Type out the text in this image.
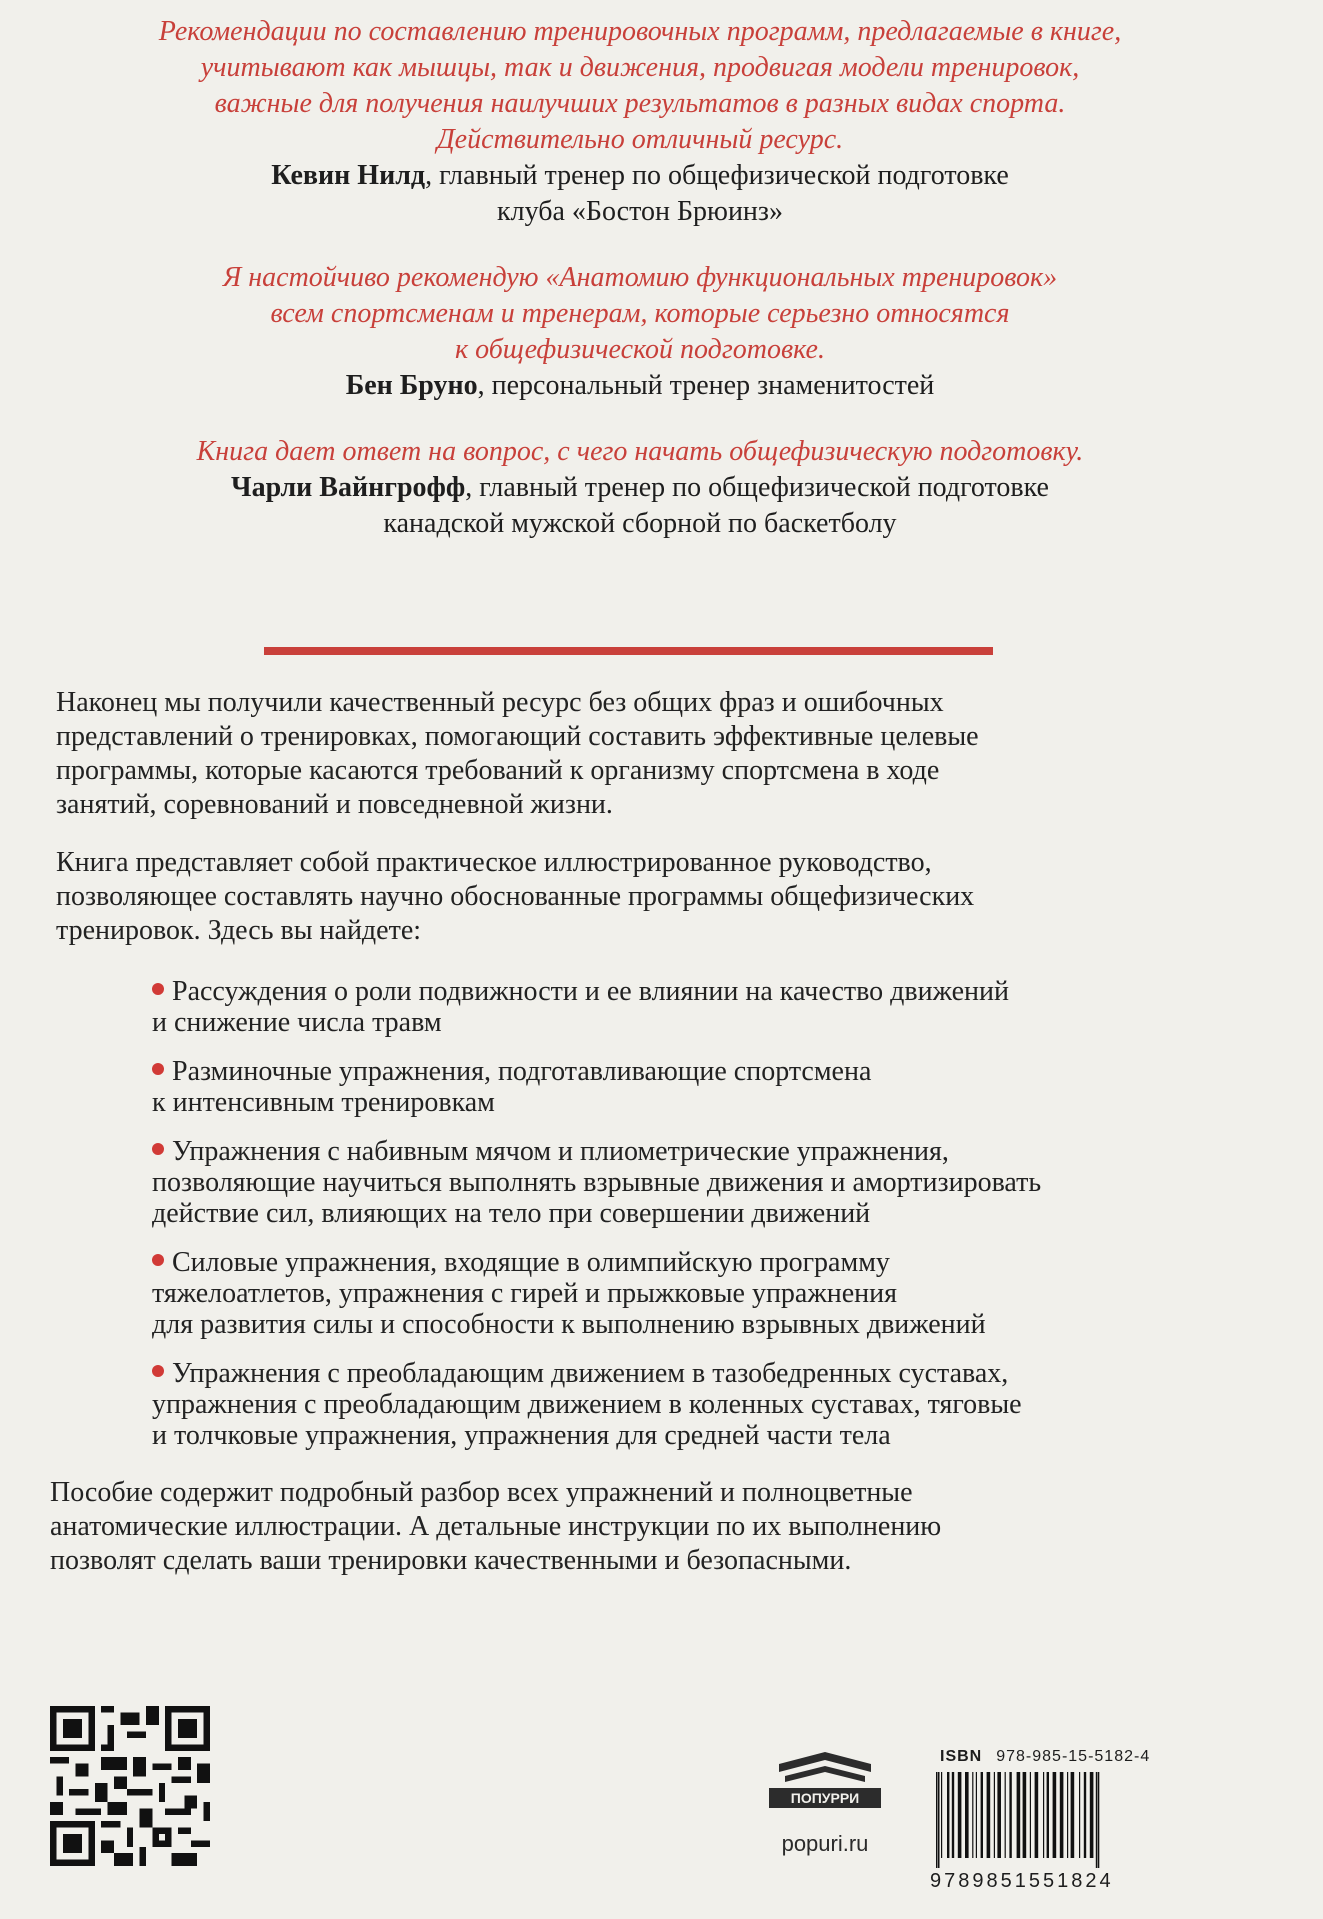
Рекомендации по составлению тренировочных программ, предлагаемые в книге,
учитывают как мышцы, так и движения, продвигая модели тренировок,
важные для получения наилучших результатов в разных видах спорта.
Действительно отличный ресурс.
Кевин Нилд, главный тренер по общефизической подготовке
клуба «Бостон Брюинз»
Я настойчиво рекомендую «Анатомию функциональных тренировок»
всем спортсменам и тренерам, которые серьезно относятся
к общефизической подготовке.
Бен Бруно, персональный тренер знаменитостей
Книга дает ответ на вопрос, с чего начать общефизическую подготовку.
Чарли Вайнгрофф, главный тренер по общефизической подготовке
канадской мужской сборной по баскетболу
Наконец мы получили качественный ресурс без общих фраз и ошибочных
представлений о тренировках, помогающий составить эффективные целевые
программы, которые касаются требований к организму спортсмена в ходе
занятий, соревнований и повседневной жизни.
Книга представляет собой практическое иллюстрированное руководство,
позволяющее составлять научно обоснованные программы общефизических
тренировок. Здесь вы найдете:
Рассуждения о роли подвижности и ее влиянии на качество движений
и снижение числа травм
Разминочные упражнения, подготавливающие спортсмена
к интенсивным тренировкам
Упражнения с набивным мячом и плиометрические упражнения,
позволяющие научиться выполнять взрывные движения и амортизировать
действие сил, влияющих на тело при совершении движений
Силовые упражнения, входящие в олимпийскую программу
тяжелоатлетов, упражнения с гирей и прыжковые упражнения
для развития силы и способности к выполнению взрывных движений
Упражнения с преобладающим движением в тазобедренных суставах,
упражнения с преобладающим движением в коленных суставах, тяговые
и толчковые упражнения, упражнения для средней части тела
Пособие содержит подробный разбор всех упражнений и полноцветные
анатомические иллюстрации. А детальные инструкции по их выполнению
позволят сделать ваши тренировки качественными и безопасными.
ПОПУРРИ
popuri.ru
ISBN 978-985-15-5182-4
9789851551824
